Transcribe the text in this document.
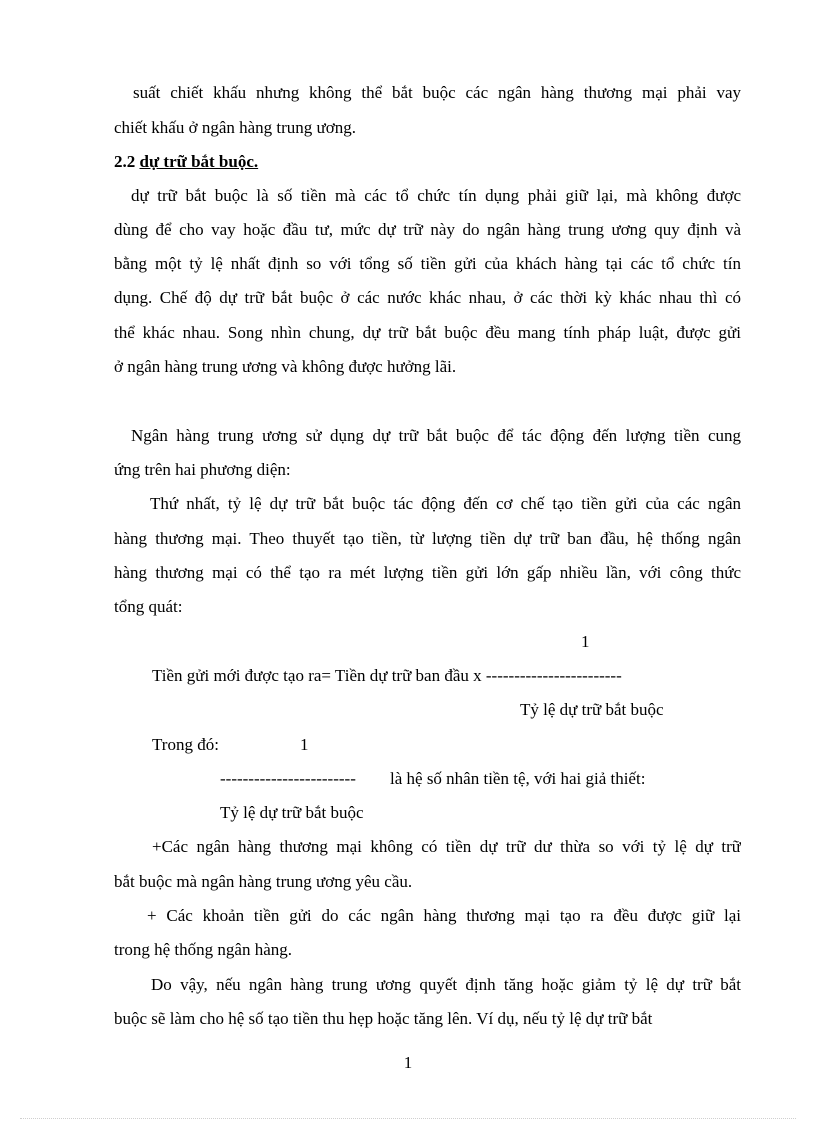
suất chiết khấu nhưng không thể bắt buộc các ngân hàng thương mại phải vay
chiết khấu ở ngân hàng trung ương.
2.2 dự trữ bắt buộc.
dự trữ bắt buộc là số tiền mà các tổ chức tín dụng phải giữ lại, mà không được
dùng để cho vay hoặc đầu tư, mức dự trữ này do ngân hàng trung ương quy định và
bằng một tỷ lệ nhất định so với tổng số tiền gửi của khách hàng tại các tổ chức tín
dụng. Chế độ dự trữ bắt buộc ở các nước khác nhau, ở các thời kỳ khác nhau thì có
thể khác nhau. Song nhìn chung, dự trữ bắt buộc đều mang tính pháp luật, được gửi
ở ngân hàng trung ương và không được hưởng lãi.
Ngân hàng trung ương sử dụng dự trữ bắt buộc để tác động đến lượng tiền cung
ứng trên hai phương diện:
Thứ nhất, tỷ lệ dự trữ bắt buộc tác động đến cơ chế tạo tiền gửi của các ngân
hàng thương mại. Theo thuyết tạo tiền, từ lượng tiền dự trữ ban đầu, hệ thống ngân
hàng thương mại có thể tạo ra mét lượng tiền gửi lớn gấp nhiều lần, với công thức
tổng quát:
1
Tiền gửi mới được tạo ra= Tiền dự trữ ban đầu x ------------------------
Tỷ lệ dự trữ bắt buộc
Trong đó:	1
------------------------ là hệ số nhân tiền tệ, với hai giả thiết:
Tỷ lệ dự trữ bắt buộc
+Các ngân hàng thương mại không có tiền dự trữ dư thừa so với tỷ lệ dự trữ
bắt buộc mà ngân hàng trung ương yêu cầu.
+ Các khoản tiền gửi do các ngân hàng thương mại tạo ra đều được giữ lại
trong hệ thống ngân hàng.
Do vậy, nếu ngân hàng trung ương quyết định tăng hoặc giảm tỷ lệ dự trữ bắt
buộc sẽ làm cho hệ số tạo tiền thu hẹp hoặc tăng lên. Ví dụ, nếu tỷ lệ dự trữ bắt
1
